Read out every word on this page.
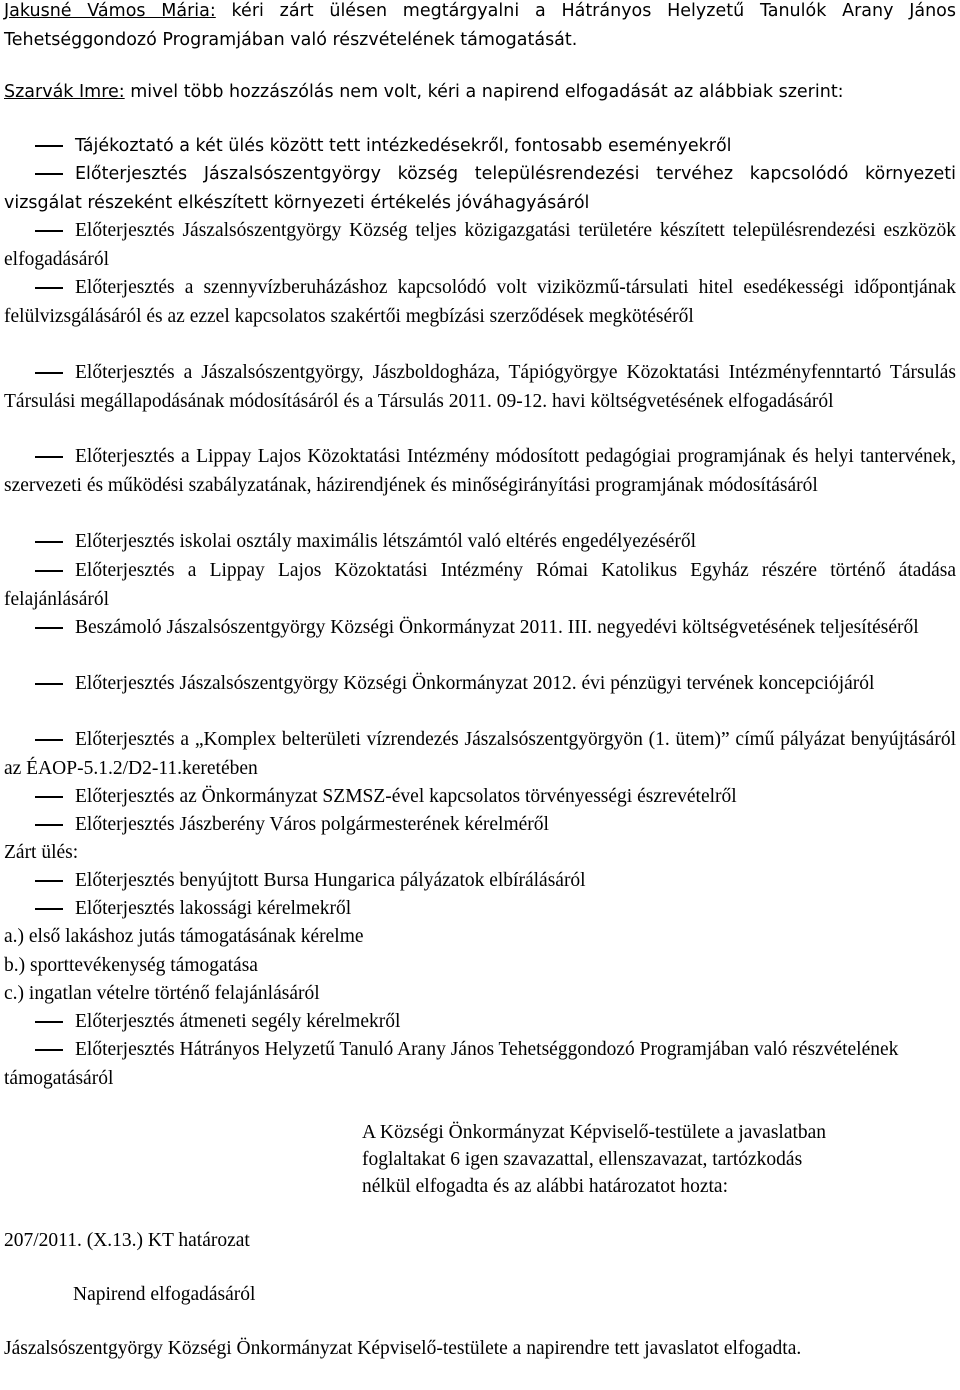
Jakusné Vámos Mária: kéri zárt ülésen megtárgyalni a Hátrányos Helyzetű Tanulók Arany János Tehetséggondozó Programjában való részvételének támogatását.
Szarvák Imre: mivel több hozzászólás nem volt, kéri a napirend elfogadását az alábbiak szerint:
Tájékoztató a két ülés között tett intézkedésekről, fontosabb eseményekről
Előterjesztés Jászalsószentgyörgy község településrendezési tervéhez kapcsolódó környezeti vizsgálat részeként elkészített környezeti értékelés jóváhagyásáról
Előterjesztés Jászalsószentgyörgy Község teljes közigazgatási területére készített településrendezési eszközök elfogadásáról
Előterjesztés a szennyvízberuházáshoz kapcsolódó volt viziközmű-társulati hitel esedékességi időpontjának felülvizsgálásáról és az ezzel kapcsolatos szakértői megbízási szerződések megkötéséről
Előterjesztés a Jászalsószentgyörgy, Jászboldogháza, Tápiógyörgye Közoktatási Intézményfenntartó Társulás Társulási megállapodásának módosításáról és a Társulás 2011. 09-12. havi költségvetésének elfogadásáról
Előterjesztés a Lippay Lajos Közoktatási Intézmény módosított pedagógiai programjának és helyi tantervének, szervezeti és működési szabályzatának, házirendjének és minőségirányítási programjának módosításáról
Előterjesztés iskolai osztály maximális létszámtól való eltérés engedélyezéséről
Előterjesztés a Lippay Lajos Közoktatási Intézmény Római Katolikus Egyház részére történő átadása felajánlásáról
Beszámoló Jászalsószentgyörgy Községi Önkormányzat 2011. III. negyedévi költségvetésének teljesítéséről
Előterjesztés Jászalsószentgyörgy Községi Önkormányzat 2012. évi pénzügyi tervének koncepciójáról
Előterjesztés a „Komplex belterületi vízrendezés Jászalsószentgyörgyön (1. ütem)” című pályázat benyújtásáról az ÉAOP-5.1.2/D2-11.keretében
Előterjesztés az Önkormányzat SZMSZ-ével kapcsolatos törvényességi észrevételről
Előterjesztés Jászberény Város polgármesterének kérelméről
Zárt ülés:
Előterjesztés benyújtott Bursa Hungarica pályázatok elbírálásáról
Előterjesztés lakossági kérelmekről
a.) első lakáshoz jutás támogatásának kérelme
b.) sporttevékenység támogatása
c.) ingatlan vételre történő felajánlásáról
Előterjesztés átmeneti segély kérelmekről
Előterjesztés Hátrányos Helyzetű Tanuló Arany János Tehetséggondozó Programjában való részvételének támogatásáról
A Községi Önkormányzat Képviselő-testülete a javaslatban
foglaltakat 6 igen szavazattal, ellenszavazat, tartózkodás
nélkül elfogadta és az alábbi határozatot hozta:
207/2011. (X.13.) KT határozat
Napirend elfogadásáról
Jászalsószentgyörgy Községi Önkormányzat Képviselő-testülete a napirendre tett javaslatot elfogadta.
